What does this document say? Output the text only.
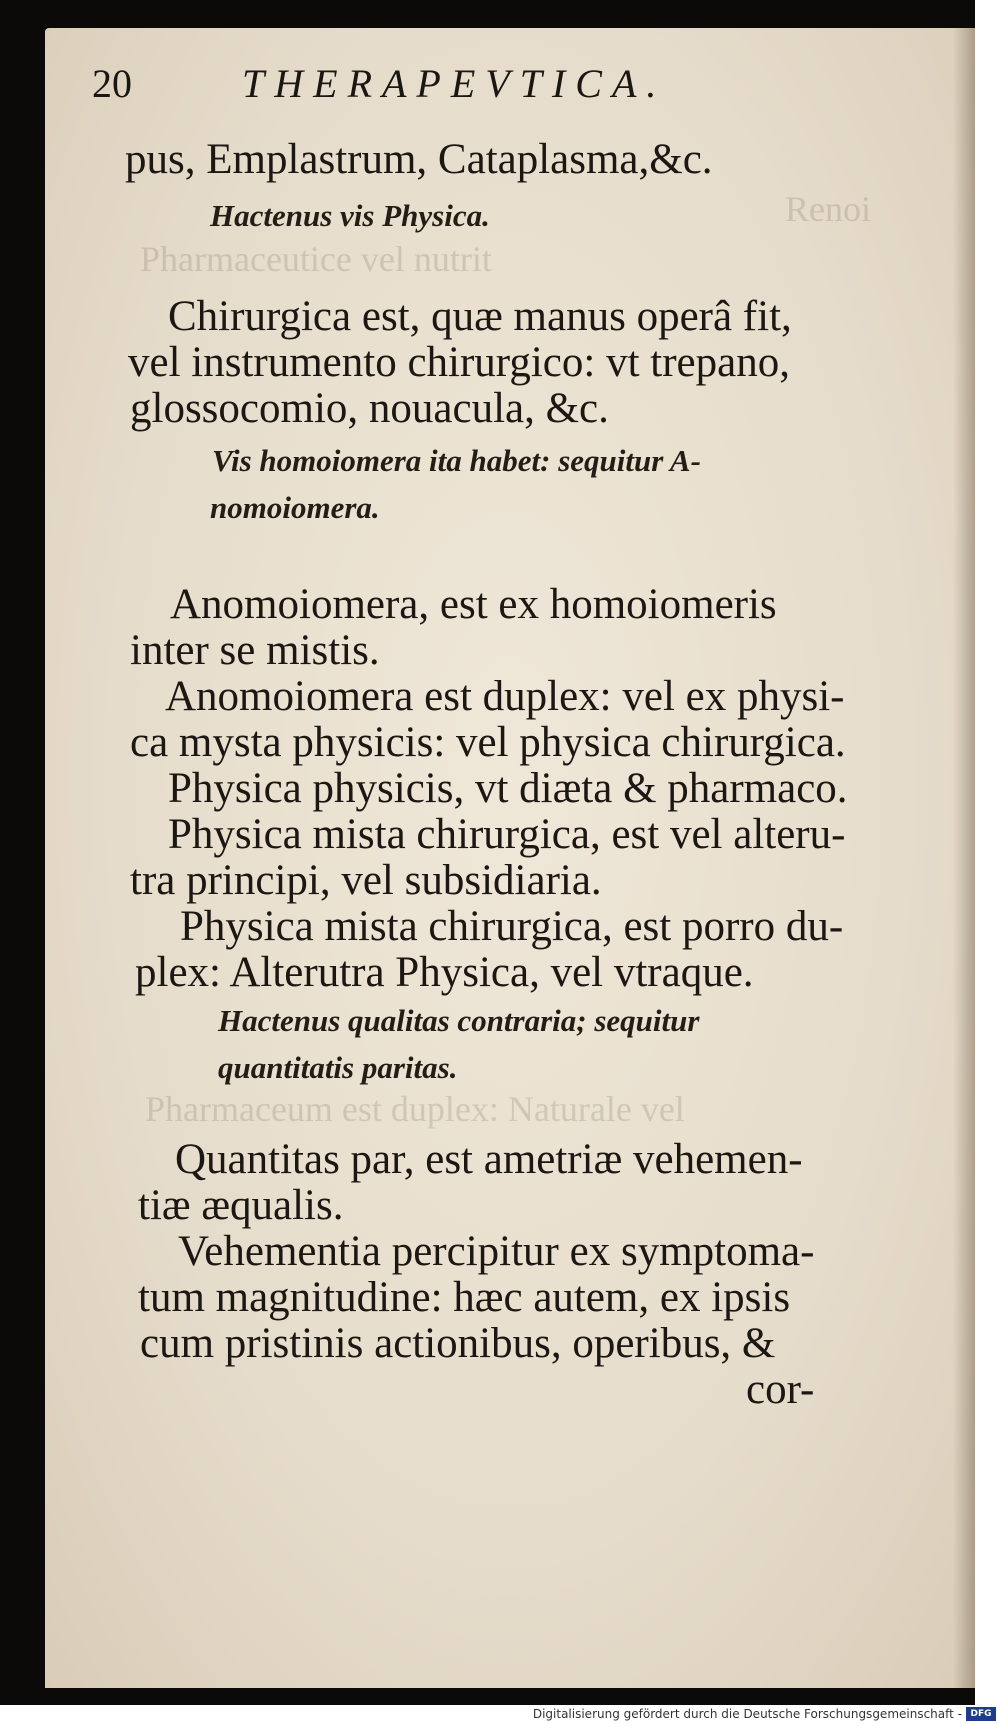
Renoi
Pharmaceutice vel nutrit
Pharmaceum est duplex: Naturale vel
20	THERAPEVTICA.
pus, Emplastrum, Cataplasma,&c.
Hactenus vis Physica.
Chirurgica est, quæ manus operâ fit,
vel instrumento chirurgico: vt trepano,
glossocomio, nouacula, &c.
Vis homoiomera ita habet: sequitur A-
nomoiomera.
Anomoiomera, est ex homoiomeris
inter se mistis.
Anomoiomera est duplex: vel ex physi-
ca mysta physicis: vel physica chirurgica.
Physica physicis, vt diæta & pharmaco.
Physica mista chirurgica, est vel alteru-
tra principi, vel subsidiaria.
Physica mista chirurgica, est porro du-
plex: Alterutra Physica, vel vtraque.
Hactenus qualitas contraria; sequitur
quantitatis paritas.
Quantitas par, est ametriæ vehemen-
tiæ æqualis.
Vehementia percipitur ex symptoma-
tum magnitudine: hæc autem, ex ipsis
cum pristinis actionibus, operibus, &
cor-
Digitalisierung gefördert durch die Deutsche Forschungsgemeinschaft - DFG
